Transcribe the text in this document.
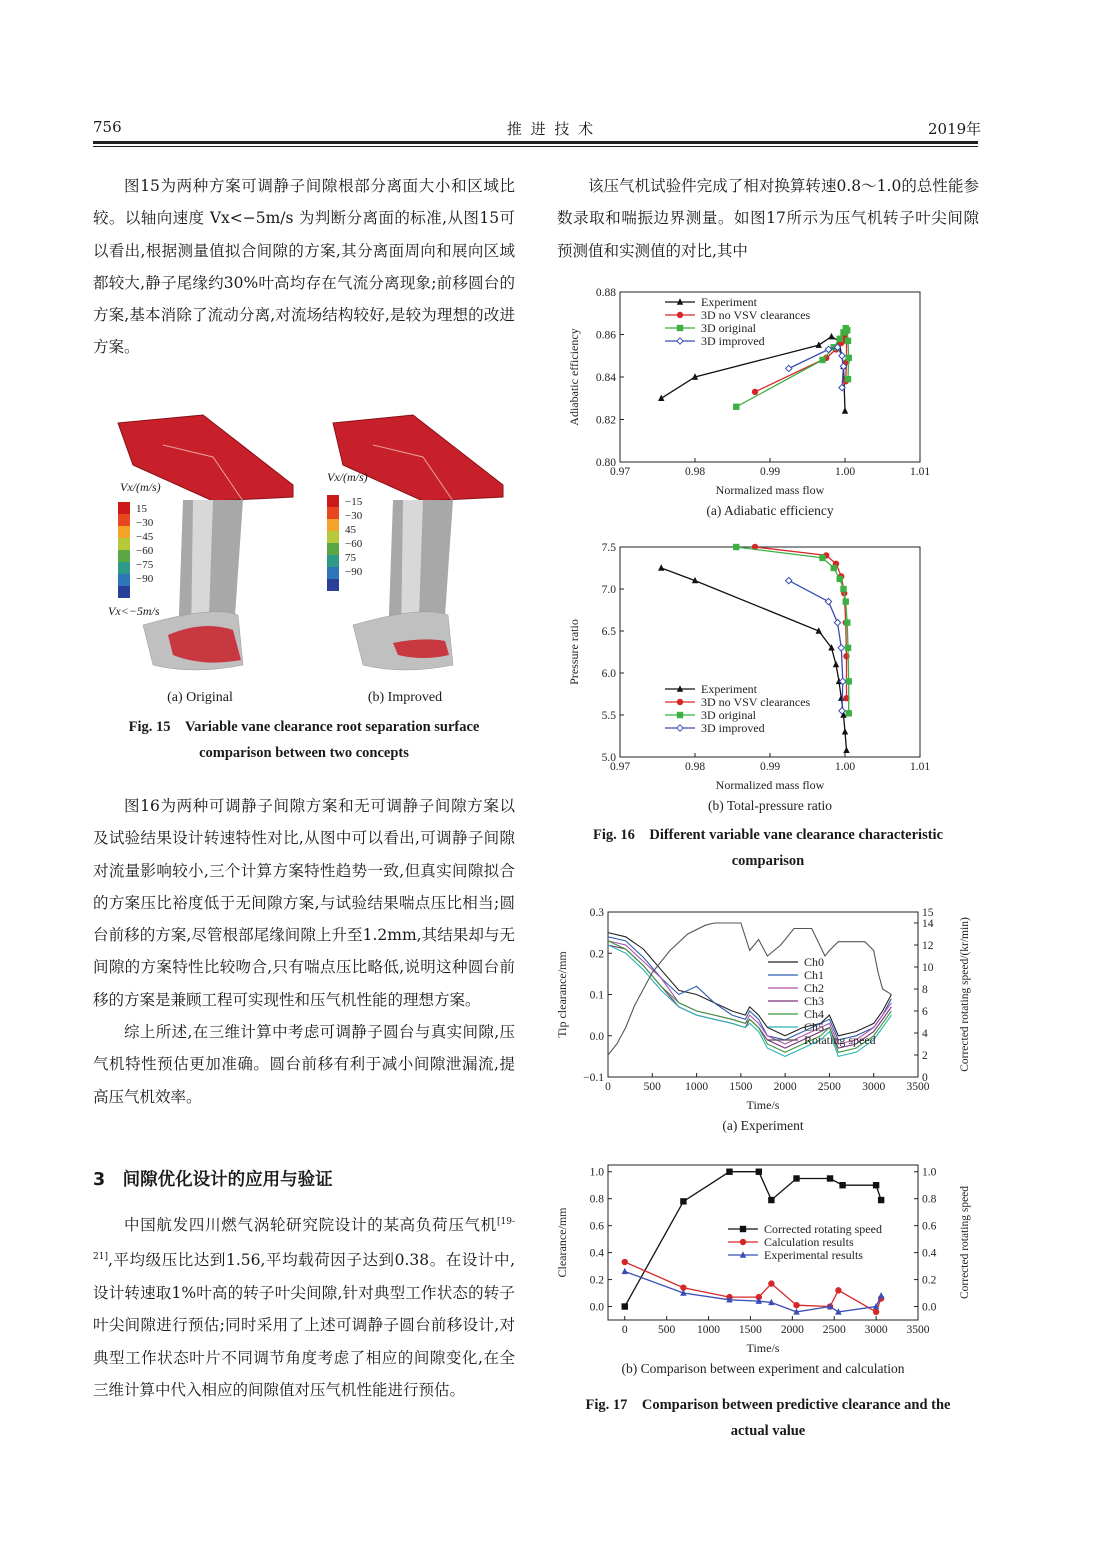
756	推 进 技 术	2019年

图15为两种方案可调静子间隙根部分离面大小和区域比较。以轴向速度 Vx<−5m/s 为判断分离面的标准,从图15可以看出,根据测量值拟合间隙的方案,其分离面周向和展向区域都较大,静子尾缘约30%叶高均存在气流分离现象;前移圆台的方案,基本消除了流动分离,对流场结构较好,是较为理想的改进方案。

15
−30
−45
−60
−75
−90
−15
−30
45
−60
75
−90
Vx/(m/s)
Vx/(m/s)
Vx<−5m/s
(a) Original	(b) Improved
Fig. 15　Variable vane clearance root separation surface
comparison between two concepts

图16为两种可调静子间隙方案和无可调静子间隙方案以及试验结果设计转速特性对比,从图中可以看出,可调静子间隙对流量影响较小,三个计算方案特性趋势一致,但真实间隙拟合的方案压比裕度低于无间隙方案,与试验结果喘点压比相当;圆台前移的方案,尽管根部尾缘间隙上升至1.2mm,其结果却与无间隙的方案特性比较吻合,只有喘点压比略低,说明这种圆台前移的方案是兼顾工程可实现性和压气机性能的理想方案。

综上所述,在三维计算中考虑可调静子圆台与真实间隙,压气机特性预估更加准确。圆台前移有利于减小间隙泄漏流,提高压气机效率。

3　间隙优化设计的应用与验证

中国航发四川燃气涡轮研究院设计的某高负荷压气机[19-21],平均级压比达到1.56,平均载荷因子达到0.38。在设计中,设计转速取1%叶高的转子叶尖间隙,针对典型工作状态的转子叶尖间隙进行预估;同时采用了上述可调静子圆台前移设计,对典型工作状态叶片不同调节角度考虑了相应的间隙变化,在全三维计算中代入相应的间隙值对压气机性能进行预估。

该压气机试验件完成了相对换算转速0.8～1.0的总性能参数录取和喘振边界测量。如图17所示为压气机转子叶尖间隙预测值和实测值的对比,其中

0.97	0.98	0.99	1.00	1.01
0.80
0.82
0.84
0.86
0.88
Normalized mass flow
Adiabatic efficiency
(a) Adiabatic efficiency
Experiment
3D no VSV clearances
3D original
3D improved
0.97	0.98	0.99	1.00	1.01
5.0
5.5
6.0
6.5
7.0
7.5
Normalized mass flow
Pressure ratio
(b) Total-pressure ratio
Experiment
3D no VSV clearances
3D original
3D improved
Fig. 16　Different variable vane clearance characteristic
comparison
0	500 1000 1500 2000 2500 3000 3500
−0.1
0.0
0.1
0.2
0.3
0
2
4
6
8
10
12
14
15
Corrected rotating speed/(kr/min)
Time/s
Tip clearance/mm
(a) Experiment
Ch0
Ch1
Ch2
Ch3
Ch4
Ch5
Rotating speed
0	500 1000 1500 2000 2500 3000 3500
0.0
0.2
0.4
0.6
0.8
1.0
0.0
0.2
0.4
0.6
0.8
1.0
Corrected rotating speed
Time/s
Clearance/mm
(b) Comparison between experiment and calculation
Corrected rotating speed
Calculation results
Experimental results
Fig. 17　Comparison between predictive clearance and the
actual value
